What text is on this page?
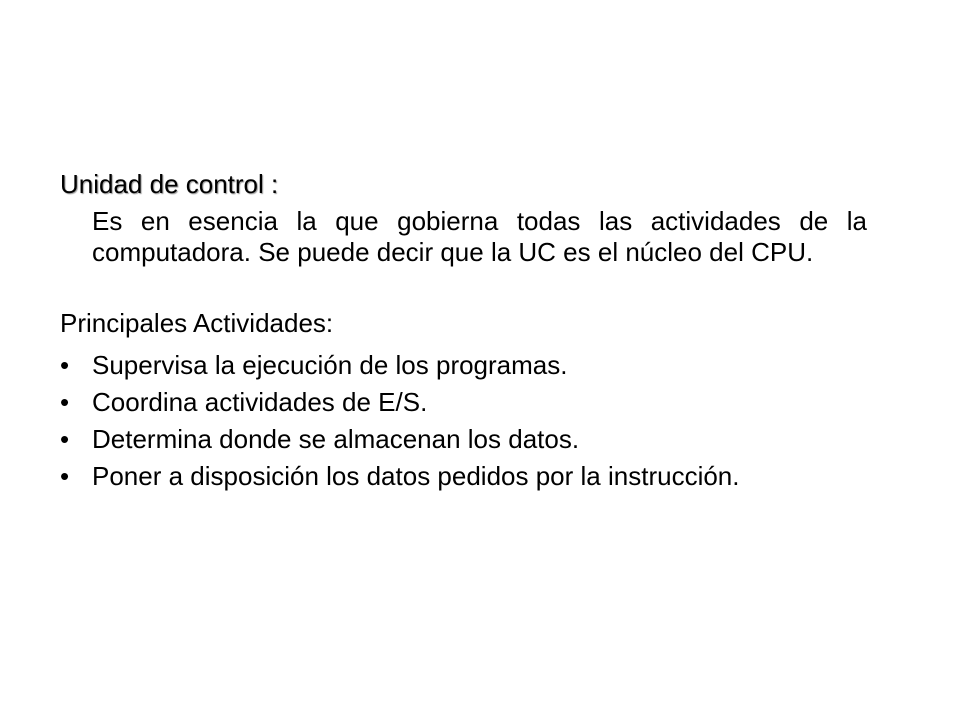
Unidad de control :

Es en esencia la que gobierna todas las actividades de la computadora. Se puede decir que la UC es el núcleo del CPU.

Principales Actividades:

• Supervisa la ejecución de los programas.
• Coordina actividades de E/S.
• Determina donde se almacenan los datos.
• Poner a disposición los datos pedidos por la instrucción.
